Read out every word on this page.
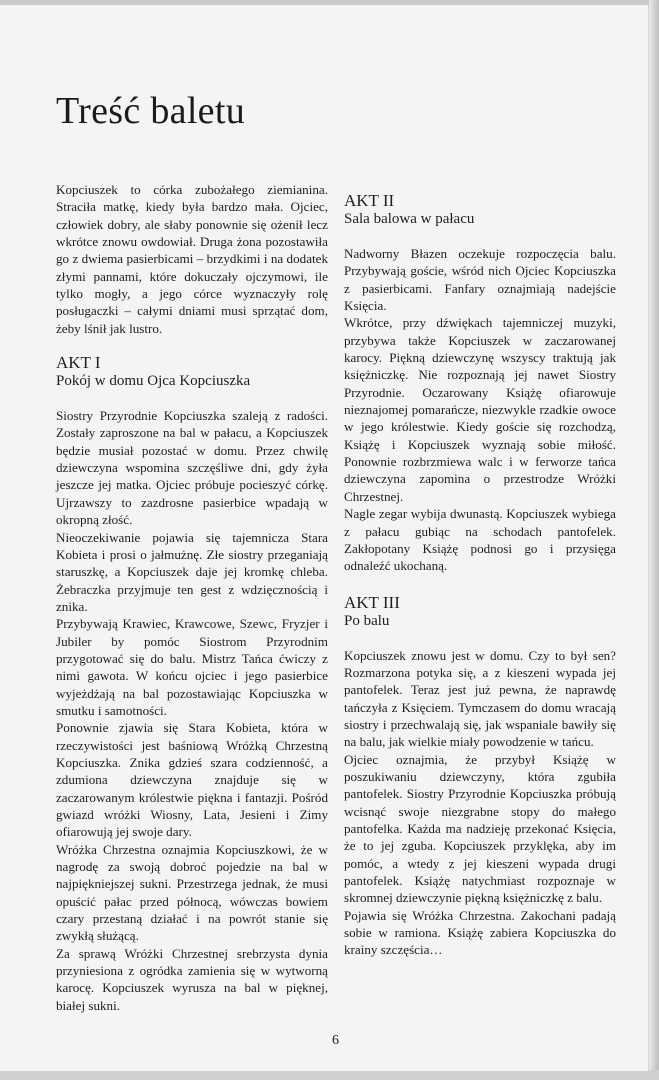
Treść baletu

Kopciuszek to córka zubożałego ziemianina. Straciła matkę, kiedy była bardzo mała. Ojciec, człowiek dobry, ale słaby ponownie się ożenił lecz wkrótce znowu owdowiał. Druga żona pozostawiła go z dwiema pasierbicami – brzydkimi i na dodatek złymi pannami, które dokuczały ojczymowi, ile tylko mogły, a jego córce wyznaczyły rolę posługaczki – całymi dniami musi sprzątać dom, żeby lśnił jak lustro.

AKT I
Pokój w domu Ojca Kopciuszka

Siostry Przyrodnie Kopciuszka szaleją z radości. Zostały zaproszone na bal w pałacu, a Kopciuszek będzie musiał pozostać w domu. Przez chwilę dziewczyna wspomina szczęśliwe dni, gdy żyła jeszcze jej matka. Ojciec próbuje pocieszyć córkę. Ujrzawszy to zazdrosne pasierbice wpadają w okropną złość.

Nieoczekiwanie pojawia się tajemnicza Stara Kobieta i prosi o jałmużnę. Złe siostry przeganiają staruszkę, a Kopciuszek daje jej kromkę chleba. Żebraczka przyjmuje ten gest z wdzięcznością i znika.

Przybywają Krawiec, Krawcowe, Szewc, Fryzjer i Jubiler by pomóc Siostrom Przyrodnim przygotować się do balu. Mistrz Tańca ćwiczy z nimi gawota. W końcu ojciec i jego pasierbice wyjeżdżają na bal pozostawiając Kopciuszka w smutku i samotności.

Ponownie zjawia się Stara Kobieta, która w rzeczywistości jest baśniową Wróżką Chrzestną Kopciuszka. Znika gdzieś szara codzienność, a zdumiona dziewczyna znajduje się w zaczarowanym królestwie piękna i fantazji. Pośród gwiazd wróżki Wiosny, Lata, Jesieni i Zimy ofiarowują jej swoje dary.

Wróżka Chrzestna oznajmia Kopciuszkowi, że w nagrodę za swoją dobroć pojedzie na bal w najpiękniejszej sukni. Przestrzega jednak, że musi opuścić pałac przed północą, wówczas bowiem czary przestaną działać i na powrót stanie się zwykłą służącą.

Za sprawą Wróżki Chrzestnej srebrzysta dynia przyniesiona z ogródka zamienia się w wytworną karocę. Kopciuszek wyrusza na bal w pięknej, białej sukni.

AKT II
Sala balowa w pałacu

Nadworny Błazen oczekuje rozpoczęcia balu. Przybywają goście, wśród nich Ojciec Kopciuszka z pasierbicami. Fanfary oznajmiają nadejście Księcia.

Wkrótce, przy dźwiękach tajemniczej muzyki, przybywa także Kopciuszek w zaczarowanej karocy. Piękną dziewczynę wszyscy traktują jak księżniczkę. Nie rozpoznają jej nawet Siostry Przyrodnie. Oczarowany Książę ofiarowuje nieznajomej pomarańcze, niezwykle rzadkie owoce w jego królestwie. Kiedy goście się rozchodzą, Książę i Kopciuszek wyznają sobie miłość. Ponownie rozbrzmiewa walc i w ferworze tańca dziewczyna zapomina o przestrodze Wróżki Chrzestnej.

Nagle zegar wybija dwunastą. Kopciuszek wybiega z pałacu gubiąc na schodach pantofelek. Zakłopotany Książę podnosi go i przysięga odnaleźć ukochaną.

AKT III
Po balu

Kopciuszek znowu jest w domu. Czy to był sen? Rozmarzona potyka się, a z kieszeni wypada jej pantofelek. Teraz jest już pewna, że naprawdę tańczyła z Księciem. Tymczasem do domu wracają siostry i przechwalają się, jak wspaniale bawiły się na balu, jak wielkie miały powodzenie w tańcu.

Ojciec oznajmia, że przybył Książę w poszukiwaniu dziewczyny, która zgubiła pantofelek. Siostry Przyrodnie Kopciuszka próbują wcisnąć swoje niezgrabne stopy do małego pantofelka. Każda ma nadzieję przekonać Księcia, że to jej zguba. Kopciuszek przyklęka, aby im pomóc, a wtedy z jej kieszeni wypada drugi pantofelek. Książę natychmiast rozpoznaje w skromnej dziewczynie piękną księżniczkę z balu.

Pojawia się Wróżka Chrzestna. Zakochani padają sobie w ramiona. Książę zabiera Kopciuszka do krainy szczęścia…

6
